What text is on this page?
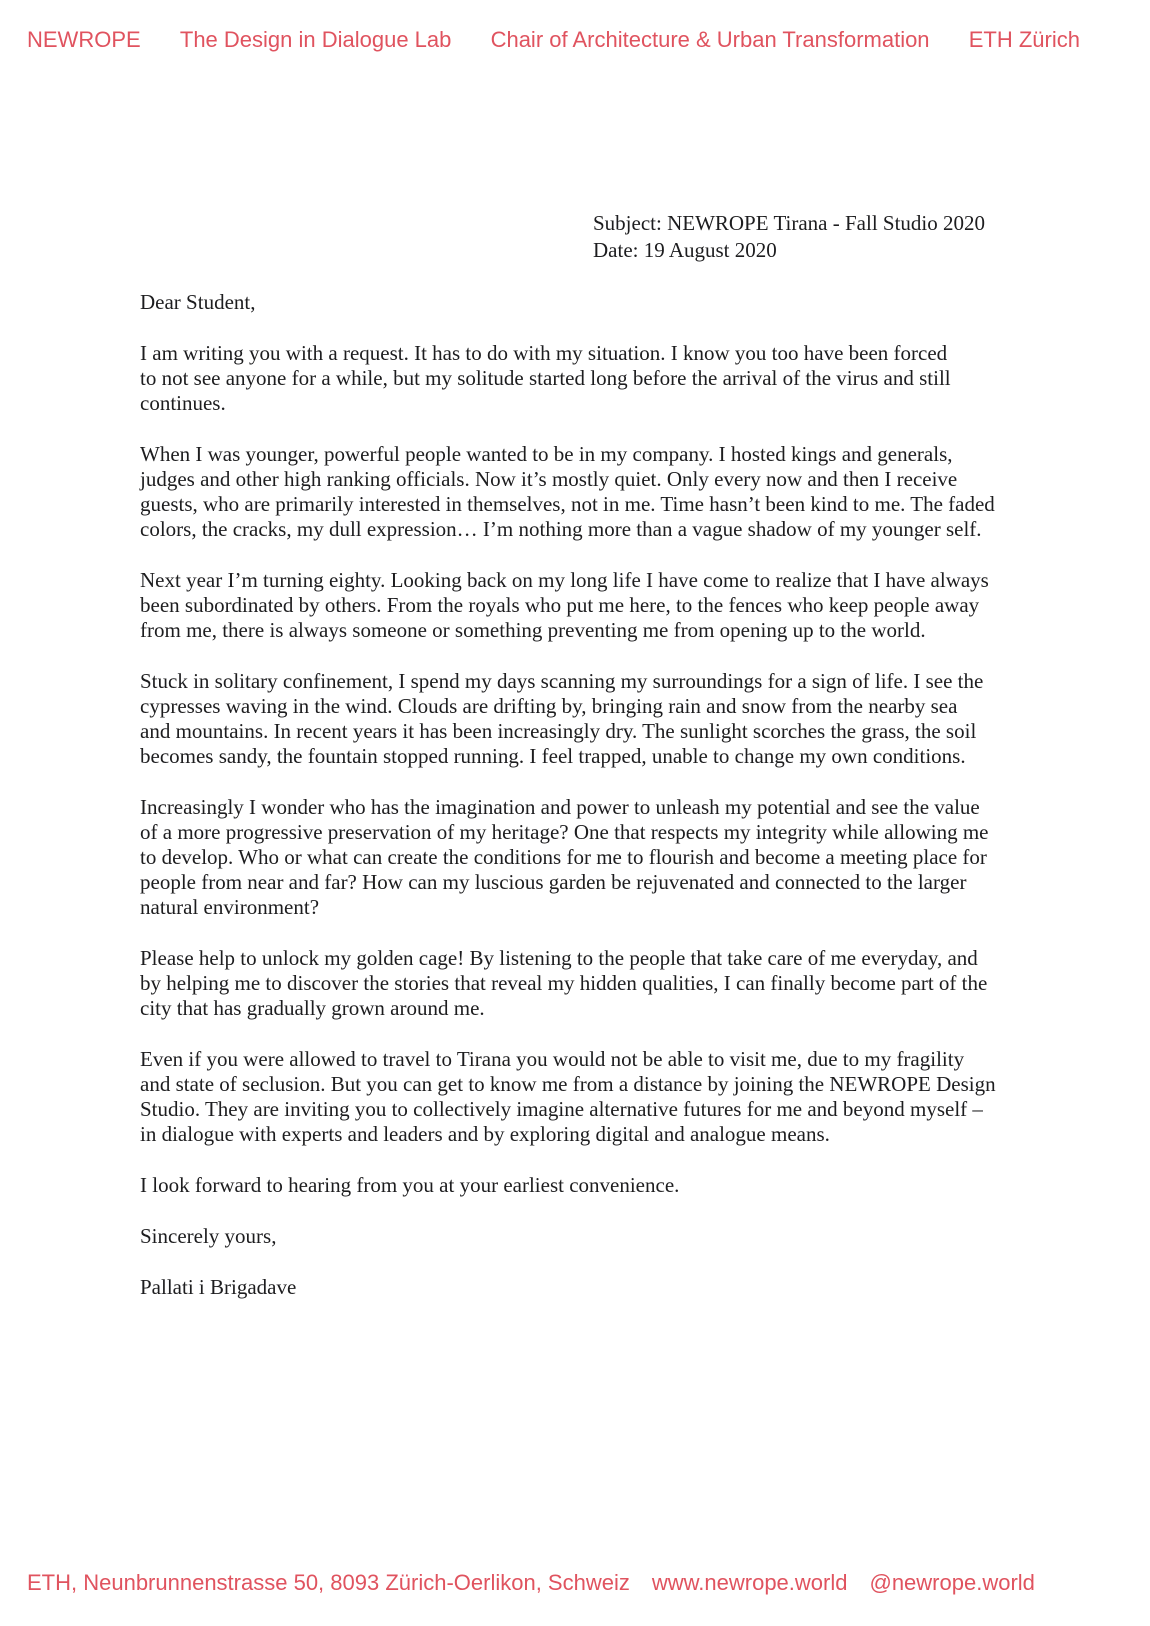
NEWROPE The Design in Dialogue Lab Chair of Architecture & Urban Transformation ETH Zürich
Subject: NEWROPE Tirana - Fall Studio 2020
Date: 19 August 2020

Dear Student,

I am writing you with a request. It has to do with my situation. I know you too have been forced
to not see anyone for a while, but my solitude started long before the arrival of the virus and still
continues.
When I was younger, powerful people wanted to be in my company. I hosted kings and generals,
judges and other high ranking officials. Now it’s mostly quiet. Only every now and then I receive
guests, who are primarily interested in themselves, not in me. Time hasn’t been kind to me. The faded
colors, the cracks, my dull expression… I’m nothing more than a vague shadow of my younger self.
Next year I’m turning eighty. Looking back on my long life I have come to realize that I have always
been subordinated by others. From the royals who put me here, to the fences who keep people away
from me, there is always someone or something preventing me from opening up to the world.
Stuck in solitary confinement, I spend my days scanning my surroundings for a sign of life. I see the
cypresses waving in the wind. Clouds are drifting by, bringing rain and snow from the nearby sea
and mountains. In recent years it has been increasingly dry. The sunlight scorches the grass, the soil
becomes sandy, the fountain stopped running. I feel trapped, unable to change my own conditions.
Increasingly I wonder who has the imagination and power to unleash my potential and see the value
of a more progressive preservation of my heritage? One that respects my integrity while allowing me
to develop. Who or what can create the conditions for me to flourish and become a meeting place for
people from near and far? How can my luscious garden be rejuvenated and connected to the larger
natural environment?
Please help to unlock my golden cage! By listening to the people that take care of me everyday, and
by helping me to discover the stories that reveal my hidden qualities, I can finally become part of the
city that has gradually grown around me.
Even if you were allowed to travel to Tirana you would not be able to visit me, due to my fragility
and state of seclusion. But you can get to know me from a distance by joining the NEWROPE Design
Studio. They are inviting you to collectively imagine alternative futures for me and beyond myself –
in dialogue with experts and leaders and by exploring digital and analogue means.

I look forward to hearing from you at your earliest convenience.

Sincerely yours,

Pallati i Brigadave

ETH, Neunbrunnenstrasse 50, 8093 Zürich-Oerlikon, Schweiz www.newrope.world @newrope.world
